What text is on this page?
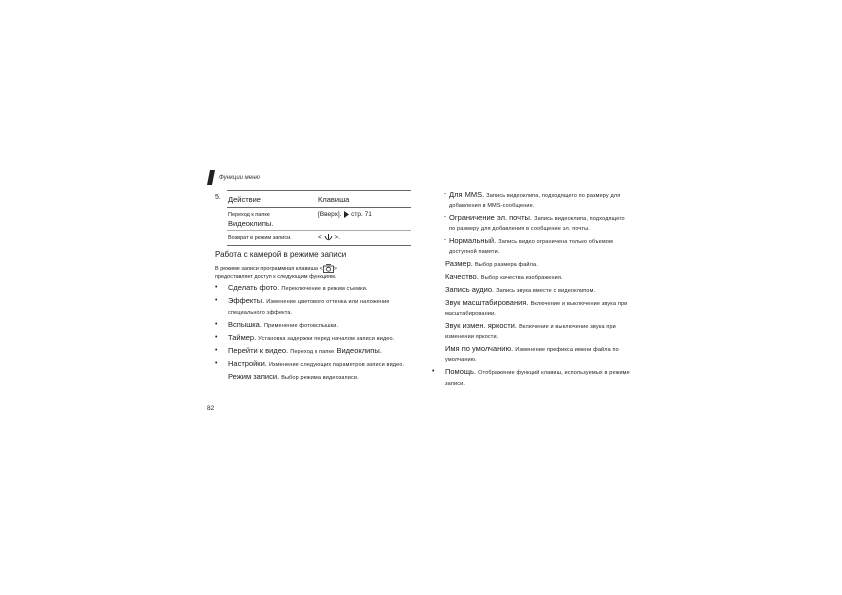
Функции меню
5. Действие	Клавиша
Переход к папке
Видеоклипы.
[Вверх]. стр. 71
Возврат в режим записи.	< >.
Работа с камерой в режиме записи
В режиме записи программная клавиша < >
предоставляет доступ к следующим функциям.
• Сделать фото. Переключение в режим съемки.
• Эффекты. Изменение цветового оттенка или наложение специального эффекта.
• Вспышка. Применение фотовспышки.
• Таймер. Установка задержки перед началом записи видео.
• Перейти к видео. Переход к папке Видеоклипы.
• Настройки. Изменение следующих параметров записи видео.
Режим записи. Выбор режима видеозаписи.
- Для MMS. Запись видеоклипа, подходящего по размеру для добавления в MMS-сообщение.
- Ограничение эл. почты. Запись видеоклипа, подходящего по размеру для добавления в сообщение эл. почты.
- Нормальный. Запись видео ограничена только объемом доступной памяти.
Размер. Выбор размера файла.
Качество. Выбор качества изображения.
Запись аудио. Запись звука вместе с видеоклипом.
Звук масштабирования. Включение и выключение звука при масштабировании.
Звук измен. яркости. Включение и выключение звука при изменении яркости.
Имя по умолчанию. Изменение префикса имени файла по умолчанию.
• Помощь. Отображение функций клавиш, используемых в режиме записи.
82
